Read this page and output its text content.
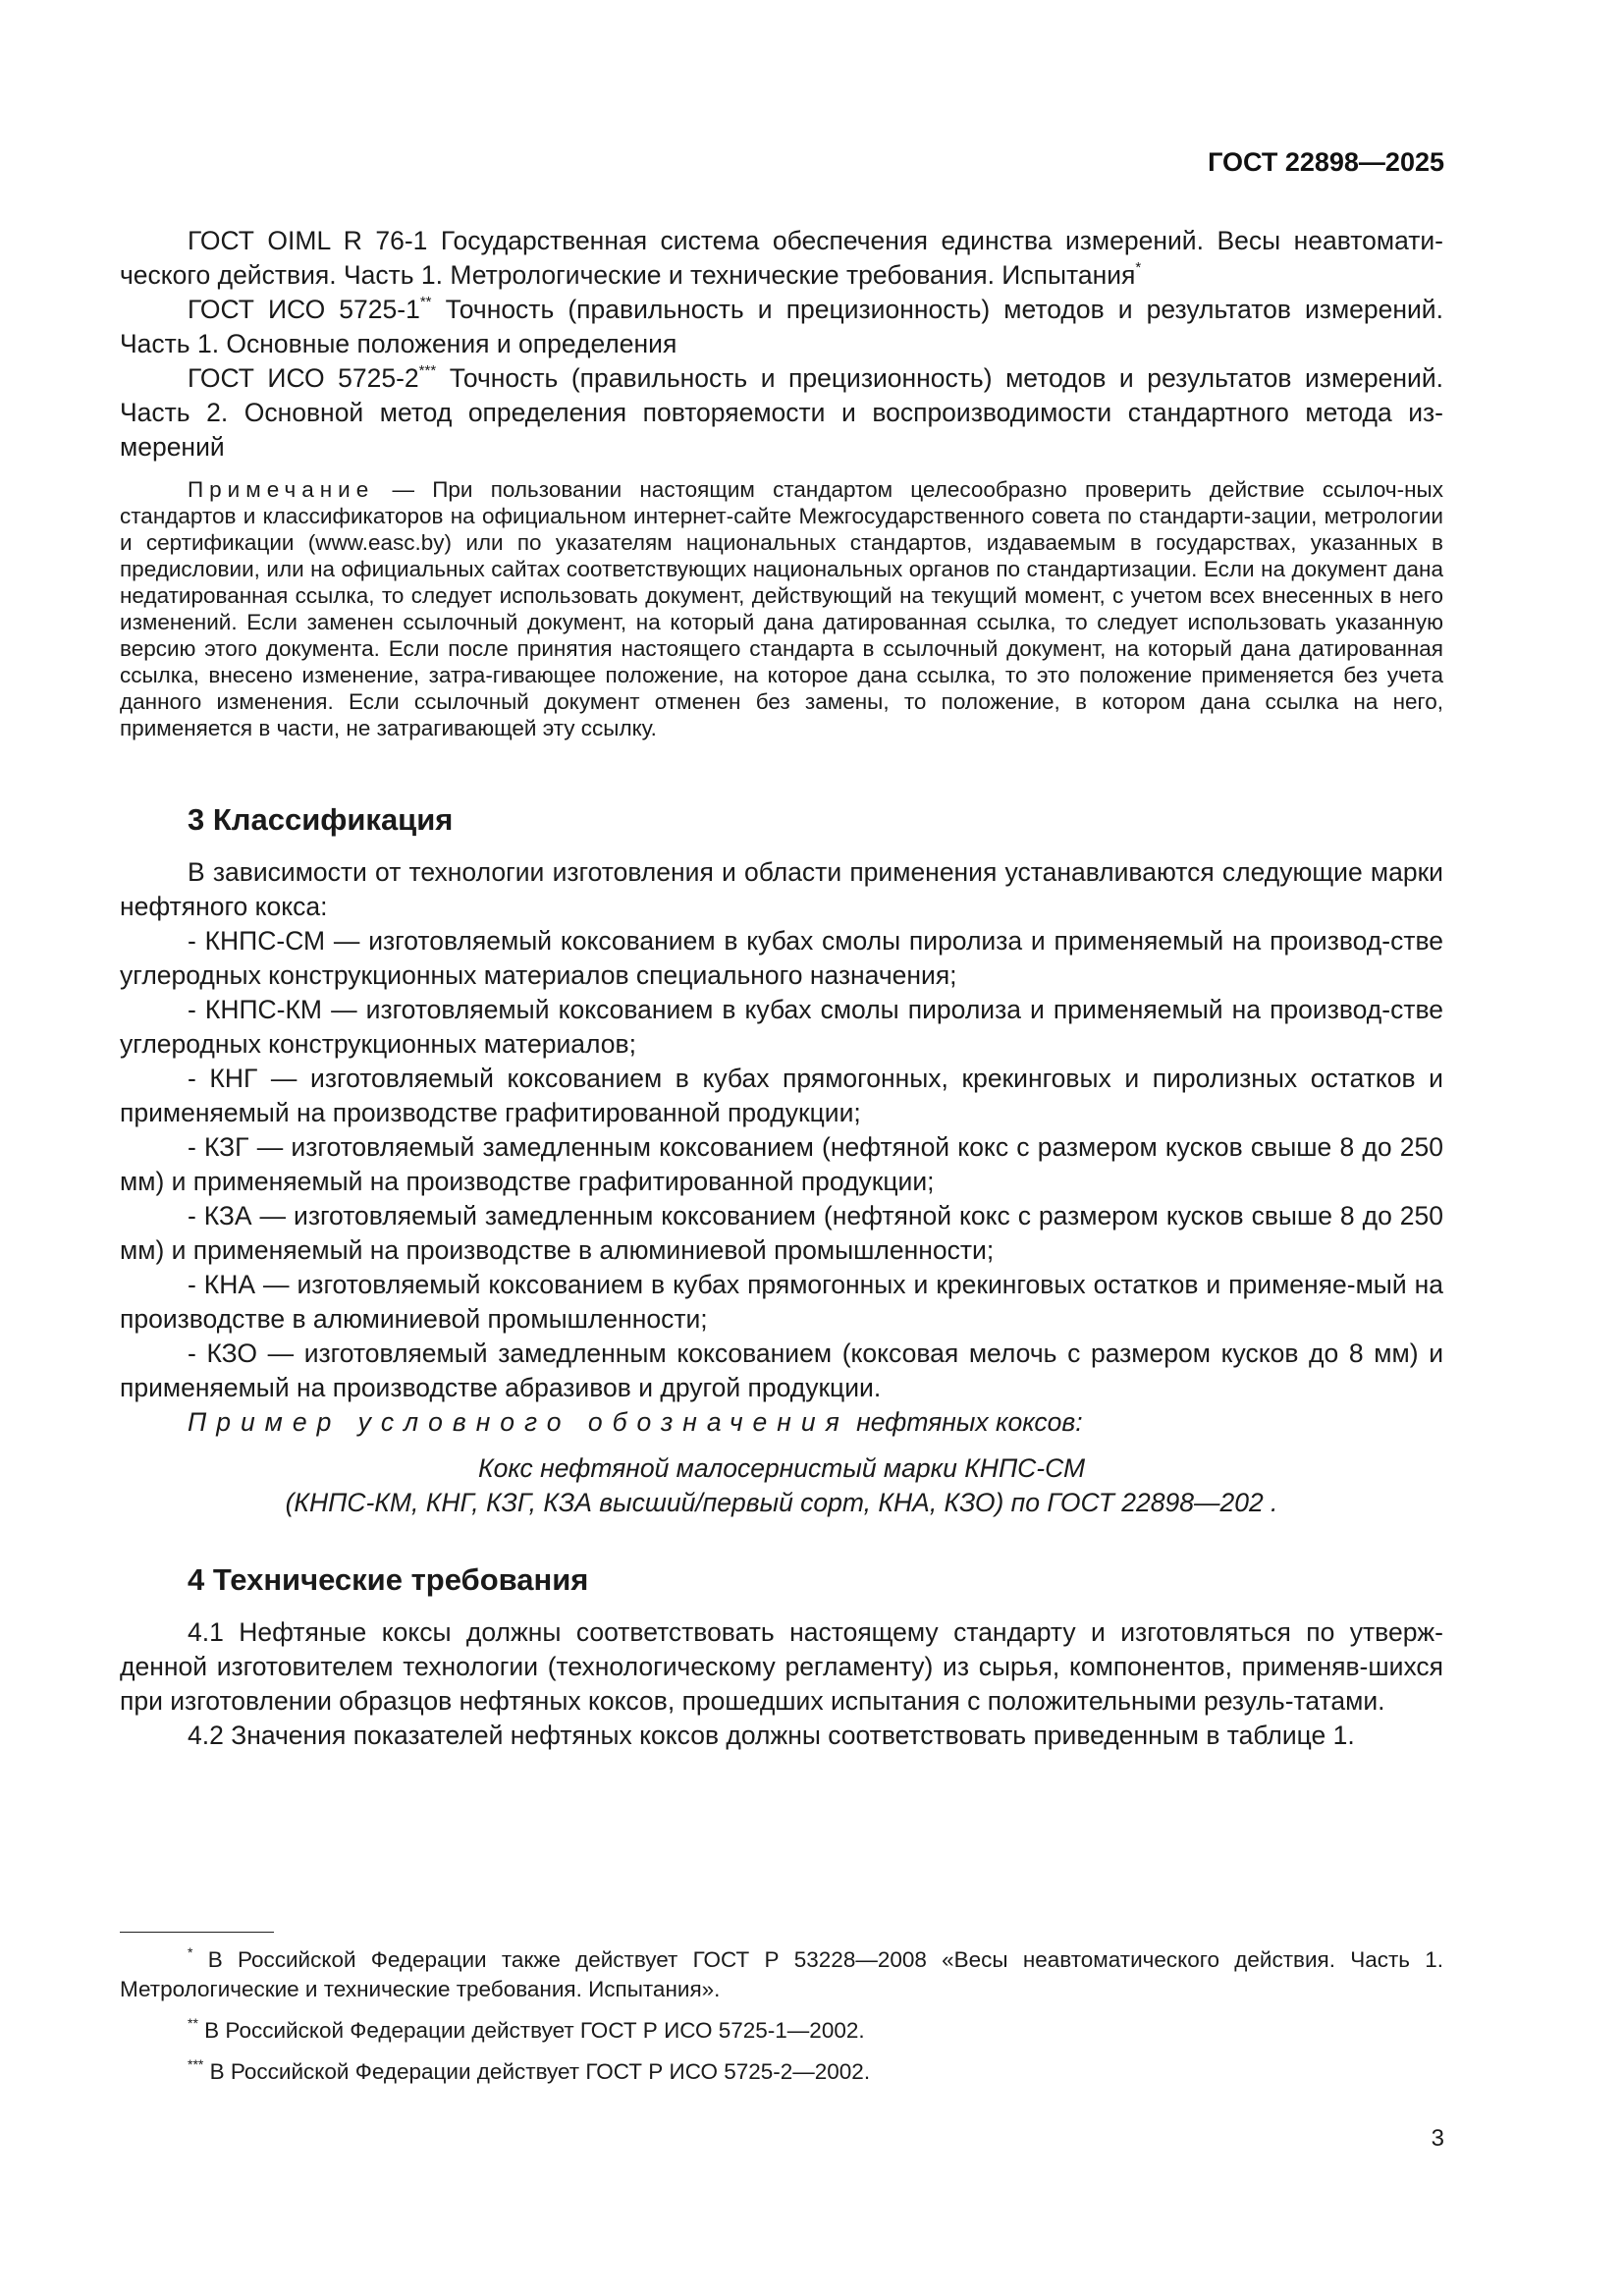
ГОСТ 22898—2025

ГОСТ OIML R 76-1 Государственная система обеспечения единства измерений. Весы неавтомати-ческого действия. Часть 1. Метрологические и технические требования. Испытания*

ГОСТ ИСО 5725-1** Точность (правильность и прецизионность) методов и результатов измерений. Часть 1. Основные положения и определения

ГОСТ ИСО 5725-2*** Точность (правильность и прецизионность) методов и результатов измерений. Часть 2. Основной метод определения повторяемости и воспроизводимости стандартного метода из-мерений

Примечание — При пользовании настоящим стандартом целесообразно проверить действие ссылоч-ных стандартов и классификаторов на официальном интернет-сайте Межгосударственного совета по стандарти-зации, метрологии и сертификации (www.easc.by) или по указателям национальных стандартов, издаваемым в государствах, указанных в предисловии, или на официальных сайтах соответствующих национальных органов по стандартизации. Если на документ дана недатированная ссылка, то следует использовать документ, действующий на текущий момент, с учетом всех внесенных в него изменений. Если заменен ссылочный документ, на который дана датированная ссылка, то следует использовать указанную версию этого документа. Если после принятия настоящего стандарта в ссылочный документ, на который дана датированная ссылка, внесено изменение, затра-гивающее положение, на которое дана ссылка, то это положение применяется без учета данного изменения. Если ссылочный документ отменен без замены, то положение, в котором дана ссылка на него, применяется в части, не затрагивающей эту ссылку.

3 Классификация

В зависимости от технологии изготовления и области применения устанавливаются следующие марки нефтяного кокса:

- КНПС-СМ — изготовляемый коксованием в кубах смолы пиролиза и применяемый на производ-стве углеродных конструкционных материалов специального назначения;

- КНПС-КМ — изготовляемый коксованием в кубах смолы пиролиза и применяемый на производ-стве углеродных конструкционных материалов;

- КНГ — изготовляемый коксованием в кубах прямогонных, крекинговых и пиролизных остатков и применяемый на производстве графитированной продукции;

- КЗГ — изготовляемый замедленным коксованием (нефтяной кокс с размером кусков свыше 8 до 250 мм) и применяемый на производстве графитированной продукции;

- КЗА — изготовляемый замедленным коксованием (нефтяной кокс с размером кусков свыше 8 до 250 мм) и применяемый на производстве в алюминиевой промышленности;

- КНА — изготовляемый коксованием в кубах прямогонных и крекинговых остатков и применяе-мый на производстве в алюминиевой промышленности;

- КЗО — изготовляемый замедленным коксованием (коксовая мелочь с размером кусков до 8 мм) и применяемый на производстве абразивов и другой продукции.

Пример условного обозначения нефтяных коксов:

Кокс нефтяной малосернистый марки КНПС-СМ
(КНПС-КМ, КНГ, КЗГ, КЗА высший/первый сорт, КНА, КЗО) по ГОСТ 22898—202 .
4 Технические требования

4.1 Нефтяные коксы должны соответствовать настоящему стандарту и изготовляться по утверж-денной изготовителем технологии (технологическому регламенту) из сырья, компонентов, применяв-шихся при изготовлении образцов нефтяных коксов, прошедших испытания с положительными резуль-татами.

4.2 Значения показателей нефтяных коксов должны соответствовать приведенным в таблице 1.

* В Российской Федерации также действует ГОСТ Р 53228—2008 «Весы неавтоматического действия. Часть 1. Метрологические и технические требования. Испытания».

** В Российской Федерации действует ГОСТ Р ИСО 5725-1—2002.

*** В Российской Федерации действует ГОСТ Р ИСО 5725-2—2002.

3
